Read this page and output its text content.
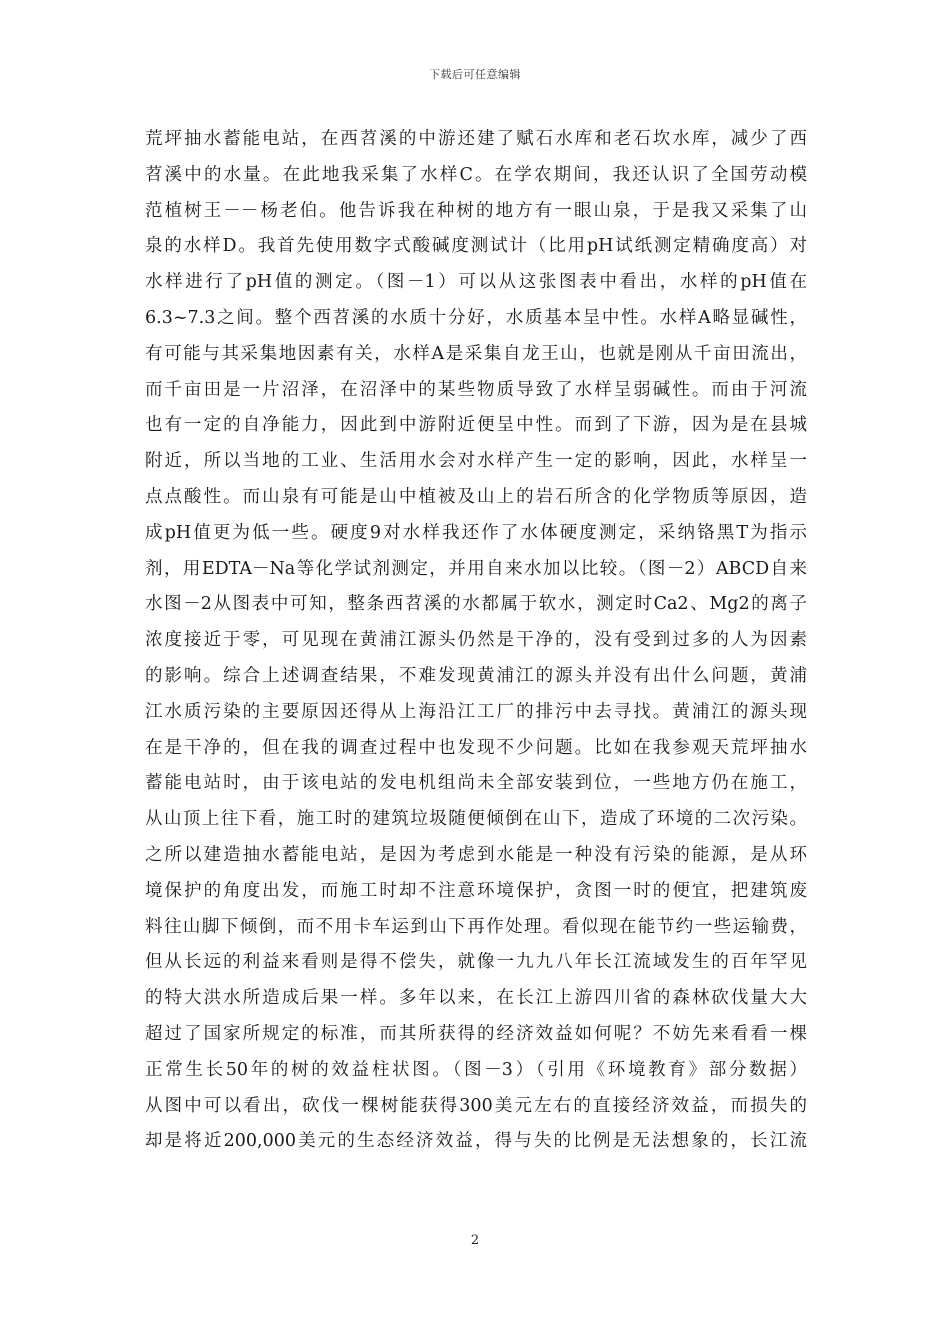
下载后可任意编辑
荒坪抽水蓄能电站，在西苕溪的中游还建了赋石水库和老石坎水库，减少了西
苕溪中的水量。在此地我采集了水样C。在学农期间，我还认识了全国劳动模
范植树王－－杨老伯。他告诉我在种树的地方有一眼山泉，于是我又采集了山
泉的水样D。我首先使用数字式酸碱度测试计（比用pH试纸测定精确度高）对
水样进行了pH值的测定。（图－1）可以从这张图表中看出，水样的pH值在
6.3~7.3之间。整个西苕溪的水质十分好，水质基本呈中性。水样A略显碱性，
有可能与其采集地因素有关，水样A是采集自龙王山，也就是刚从千亩田流出，
而千亩田是一片沼泽，在沼泽中的某些物质导致了水样呈弱碱性。而由于河流
也有一定的自净能力，因此到中游附近便呈中性。而到了下游，因为是在县城
附近，所以当地的工业、生活用水会对水样产生一定的影响，因此，水样呈一
点点酸性。而山泉有可能是山中植被及山上的岩石所含的化学物质等原因，造
成pH值更为低一些。硬度9对水样我还作了水体硬度测定，采纳铬黑T为指示
剂，用EDTA－Na等化学试剂测定，并用自来水加以比较。（图－2）ABCD自来
水图－2从图表中可知，整条西苕溪的水都属于软水，测定时Ca2、Mg2的离子
浓度接近于零，可见现在黄浦江源头仍然是干净的，没有受到过多的人为因素
的影响。综合上述调查结果，不难发现黄浦江的源头并没有出什么问题，黄浦
江水质污染的主要原因还得从上海沿江工厂的排污中去寻找。黄浦江的源头现
在是干净的，但在我的调查过程中也发现不少问题。比如在我参观天荒坪抽水
蓄能电站时，由于该电站的发电机组尚未全部安装到位，一些地方仍在施工，
从山顶上往下看，施工时的建筑垃圾随便倾倒在山下，造成了环境的二次污染。
之所以建造抽水蓄能电站，是因为考虑到水能是一种没有污染的能源，是从环
境保护的角度出发，而施工时却不注意环境保护，贪图一时的便宜，把建筑废
料往山脚下倾倒，而不用卡车运到山下再作处理。看似现在能节约一些运输费，
但从长远的利益来看则是得不偿失，就像一九九八年长江流域发生的百年罕见
的特大洪水所造成后果一样。多年以来，在长江上游四川省的森林砍伐量大大
超过了国家所规定的标准，而其所获得的经济效益如何呢？不妨先来看看一棵
正常生长50年的树的效益柱状图。（图－3）（引用《环境教育》部分数据）
从图中可以看出，砍伐一棵树能获得300美元左右的直接经济效益，而损失的
却是将近200,000美元的生态经济效益，得与失的比例是无法想象的，长江流
2
